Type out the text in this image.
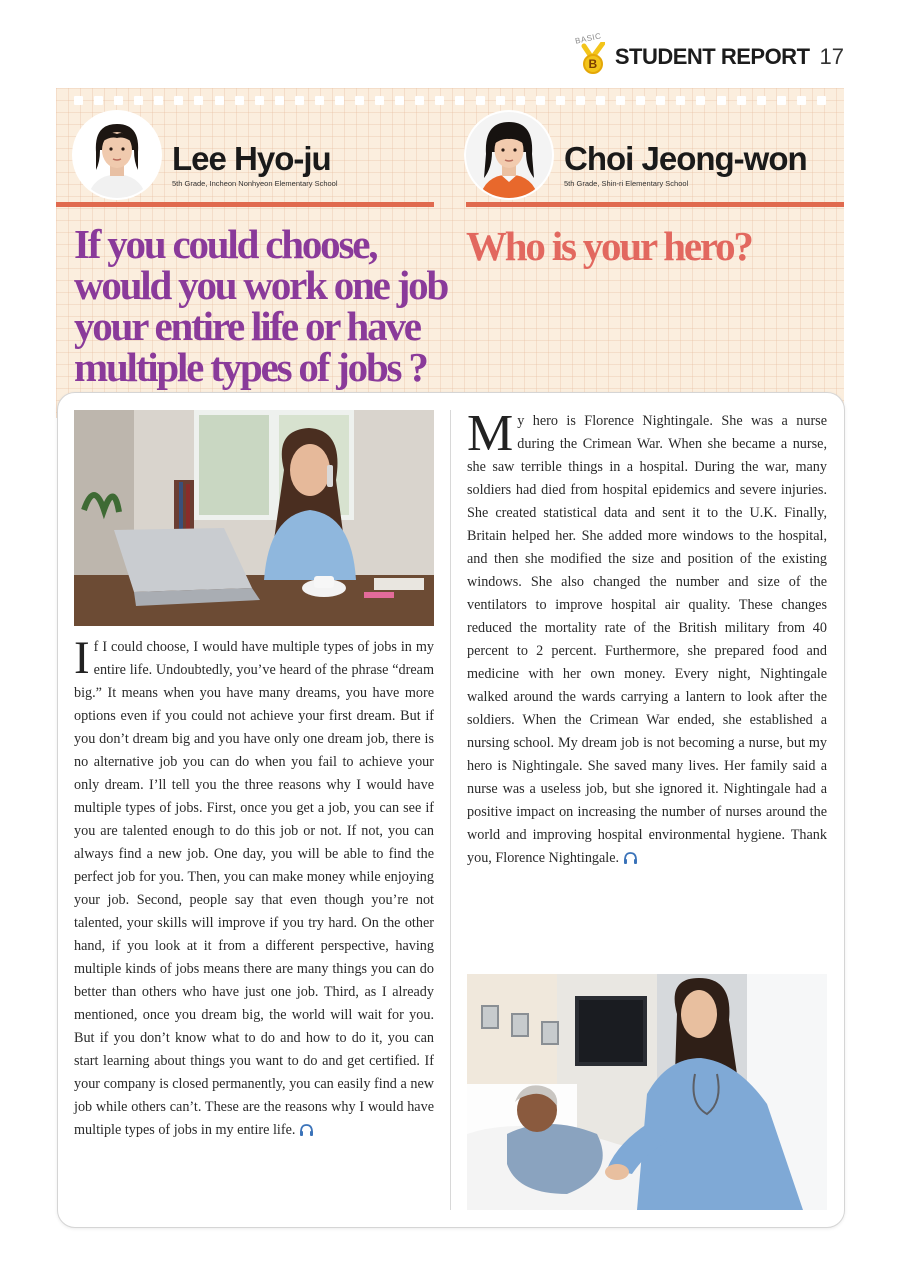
BASIC
B STUDENT REPORT 17
Lee Hyo-ju
5th Grade, Incheon Nonhyeon Elementary School
Choi Jeong-won
5th Grade, Shin-ri Elementary School
If you could choose, would you work one job your entire life or have multiple types of jobs ?
Who is your hero?
If I could choose, I would have multiple types of jobs in my entire life. Undoubtedly, you’ve heard of the phrase “dream big.” It means when you have many dreams, you have more options even if you could not achieve your first dream. But if you don’t dream big and you have only one dream job, there is no alternative job you can do when you fail to achieve your only dream. I’ll tell you the three reasons why I would have multiple types of jobs. First, once you get a job, you can see if you are talented enough to do this job or not. If not, you can always find a new job. One day, you will be able to find the perfect job for you. Then, you can make money while enjoying your job. Second, people say that even though you’re not talented, your skills will improve if you try hard. On the other hand, if you look at it from a different perspective, having multiple kinds of jobs means there are many things you can do better than others who have just one job. Third, as I already mentioned, once you dream big, the world will wait for you. But if you don’t know what to do and how to do it, you can start learning about things you want to do and get certified. If your company is closed permanently, you can easily find a new job while others can’t. These are the reasons why I would have multiple types of jobs in my entire life.
My hero is Florence Nightingale. She was a nurse during the Crimean War. When she became a nurse, she saw terrible things in a hospital. During the war, many soldiers had died from hospital epidemics and severe injuries. She created statistical data and sent it to the U.K. Finally, Britain helped her. She added more windows to the hospital, and then she modified the size and position of the existing windows. She also changed the number and size of the ventilators to improve hospital air quality. These changes reduced the mortality rate of the British military from 40 percent to 2 percent. Furthermore, she prepared food and medicine with her own money. Every night, Nightingale walked around the wards carrying a lantern to look after the soldiers. When the Crimean War ended, she established a nursing school. My dream job is not becoming a nurse, but my hero is Nightingale. She saved many lives. Her family said a nurse was a useless job, but she ignored it. Nightingale had a positive impact on increasing the number of nurses around the world and improving hospital environmental hygiene. Thank you, Florence Nightingale.
